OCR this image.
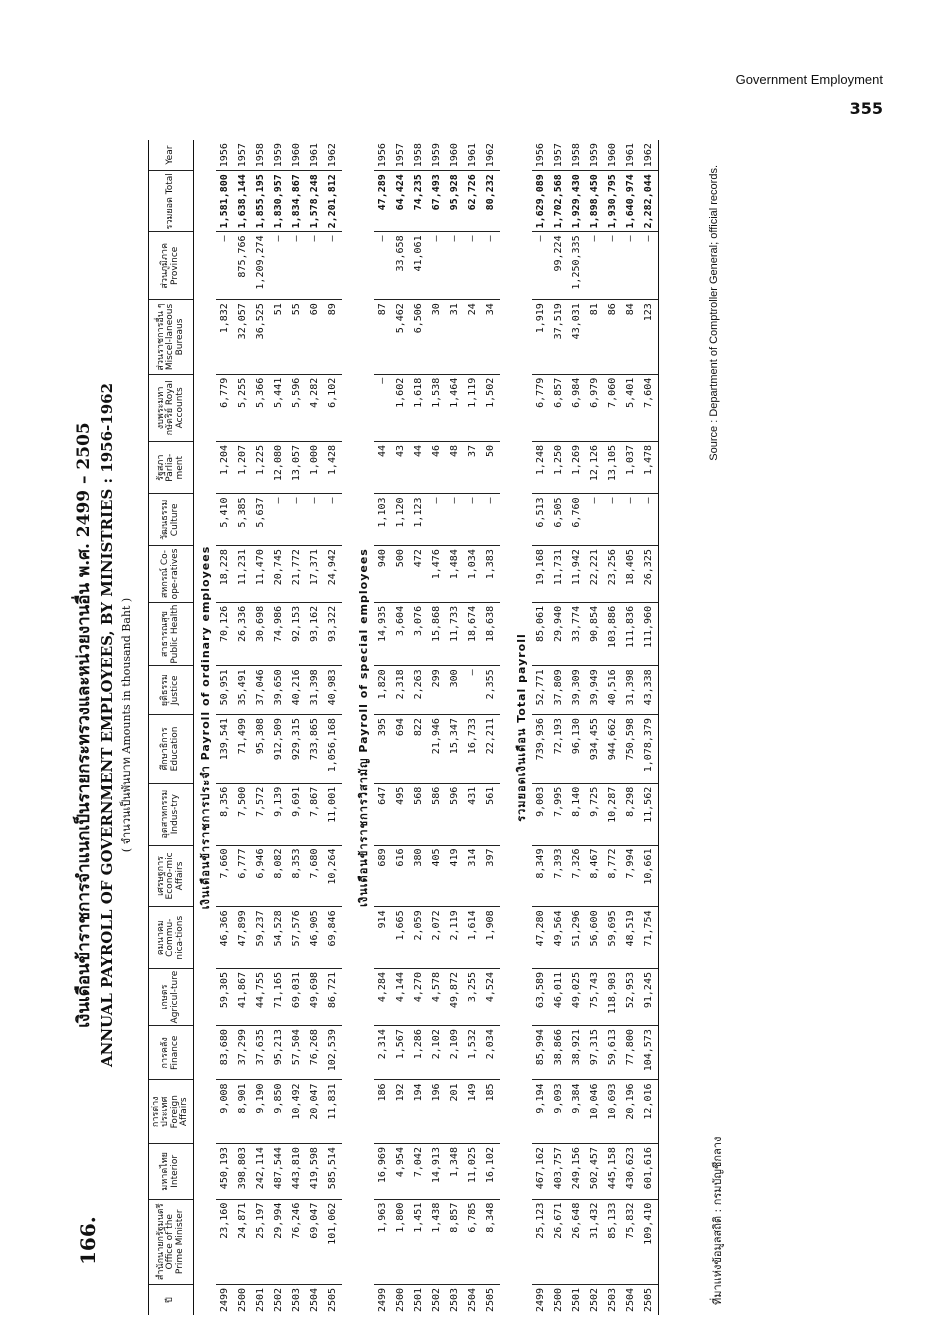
Government Employment
355
166.
เงินเดือนข้าราชการจำแนกเป็นรายกระทรวงและหน่วยงานอื่น พ.ศ. 2499 – 2505 ANNUAL PAYROLL OF GOVERNMENT EMPLOYEES, BY MINISTRIES : 1956-1962 ( จำนวนเป็นพันบาท Amounts in thousand Baht )
ปี	สำนักนายกรัฐมนตรี Office of the Prime Minister	มหาดไทย Interior	การต่างประเทศ Foreign Affairs	การคลัง Finance	เกษตร Agricul-ture	คมนาคม Commu-nica-tions	เศรษฐการ Econo-mic Affairs	อุตสาหกรรม Indus-try	ศึกษาธิการ Education	ยุติธรรม Justice	สาธารณสุข Public Health	สหกรณ์ Co-ope-ratives	วัฒนธรรม Culture	รัฐสภา Parlia-ment	งบพระมหากษัตริย์ Royal Accounts	ส่วนราชการอื่น ๆ Miscel-laneous Bureaus	ส่วนภูมิภาค Province	รวมยอด Total	Year
เงินเดือนข้าราชการประจำ Payroll of ordinary employees																			
2499	23,160	450,193	9,008	83,680	59,305	46,366	7,660	8,356	139,541	50,951	70,126	18,228	5,410	1,204	6,779	1,832	—	1,581,800	1956
2500	24,871	398,803	8,901	37,299	41,867	47,899	6,777	7,500	71,499	35,491	26,336	11,231	5,385	1,207	5,255	32,057	875,766	1,638,144	1957
2501	25,197	242,114	9,190	37,635	44,755	59,237	6,946	7,572	95,308	37,046	30,698	11,470	5,637	1,225	5,366	36,525	1,209,274	1,855,195	1958
2502	29,994	487,544	9,850	95,213	71,165	54,528	8,082	9,139	912,509	39,650	74,986	20,745	—	12,080	5,441	51	—	1,830,957	1959
2503	76,246	443,810	10,492	57,504	69,031	57,576	8,353	9,691	929,315	40,216	92,153	21,772	—	13,057	5,596	55	—	1,834,867	1960
2504	69,047	419,598	20,047	76,268	49,698	46,905	7,680	7,867	733,865	31,398	93,162	17,371	—	1,000	4,282	60	—	1,578,248	1961
2505	101,062	585,514	11,831	102,539	86,721	69,846	10,264	11,001	1,056,168	40,983	93,322	24,942	—	1,428	6,102	89	—	2,201,812	1962

เงินเดือนข้าราชการวิสามัญ Payroll of special employees																			
2499	1,963	16,969	186	2,314	4,284	914	689	647	395	1,820	14,935	940	1,103	44	—	87	—	47,289	1956
2500	1,800	4,954	192	1,567	4,144	1,665	616	495	694	2,318	3,604	500	1,120	43	1,602	5,462	33,658	64,424	1957
2501	1,451	7,042	194	1,286	4,270	2,059	380	568	822	2,263	3,076	472	1,123	44	1,618	6,506	41,061	74,235	1958
2502	1,438	14,913	196	2,102	4,578	2,072	405	586	21,946	299	15,868	1,476	—	46	1,538	30	—	67,493	1959
2503	8,857	1,348	201	2,109	49,872	2,119	419	596	15,347	300	11,733	1,484	—	48	1,464	31	—	95,928	1960
2504	6,785	11,025	149	1,532	3,255	1,614	314	431	16,733	—	18,674	1,034	—	37	1,119	24	—	62,726	1961
2505	8,348	16,102	185	2,034	4,524	1,908	397	561	22,211	2,355	18,638	1,383	—	50	1,502	34	—	80,232	1962

รวมยอดเงินเดือน Total payroll																			
2499	25,123	467,162	9,194	85,994	63,589	47,280	8,349	9,003	739,936	52,771	85,061	19,168	6,513	1,248	6,779	1,919	—	1,629,089	1956
2500	26,671	403,757	9,093	38,866	46,011	49,564	7,393	7,995	72,193	37,809	29,940	11,731	6,505	1,250	6,857	37,519	99,224	1,702,568	1957
2501	26,648	249,156	9,384	38,921	49,025	51,296	7,326	8,140	96,130	39,309	33,774	11,942	6,760	1,269	6,984	43,031	1,250,335	1,929,430	1958
2502	31,432	502,457	10,046	97,315	75,743	56,600	8,467	9,725	934,455	39,949	90,854	22,221	—	12,126	6,979	81	—	1,898,450	1959
2503	85,133	445,158	10,693	59,613	118,903	59,695	8,772	10,287	944,662	40,516	103,886	23,256	—	13,105	7,060	86	—	1,930,795	1960
2504	75,832	430,623	20,196	77,800	52,953	48,519	7,994	8,298	750,598	31,398	111,836	18,405	—	1,037	5,401	84	—	1,640,974	1961
2505	109,410	601,616	12,016	104,573	91,245	71,754	10,661	11,562	1,078,379	43,338	111,960	26,325	—	1,478	7,604	123	—	2,282,044	1962
ที่มาแห่งข้อมูลสถิติ : กรมบัญชีกลาง
Source : Department of Comptroller General; official records.
